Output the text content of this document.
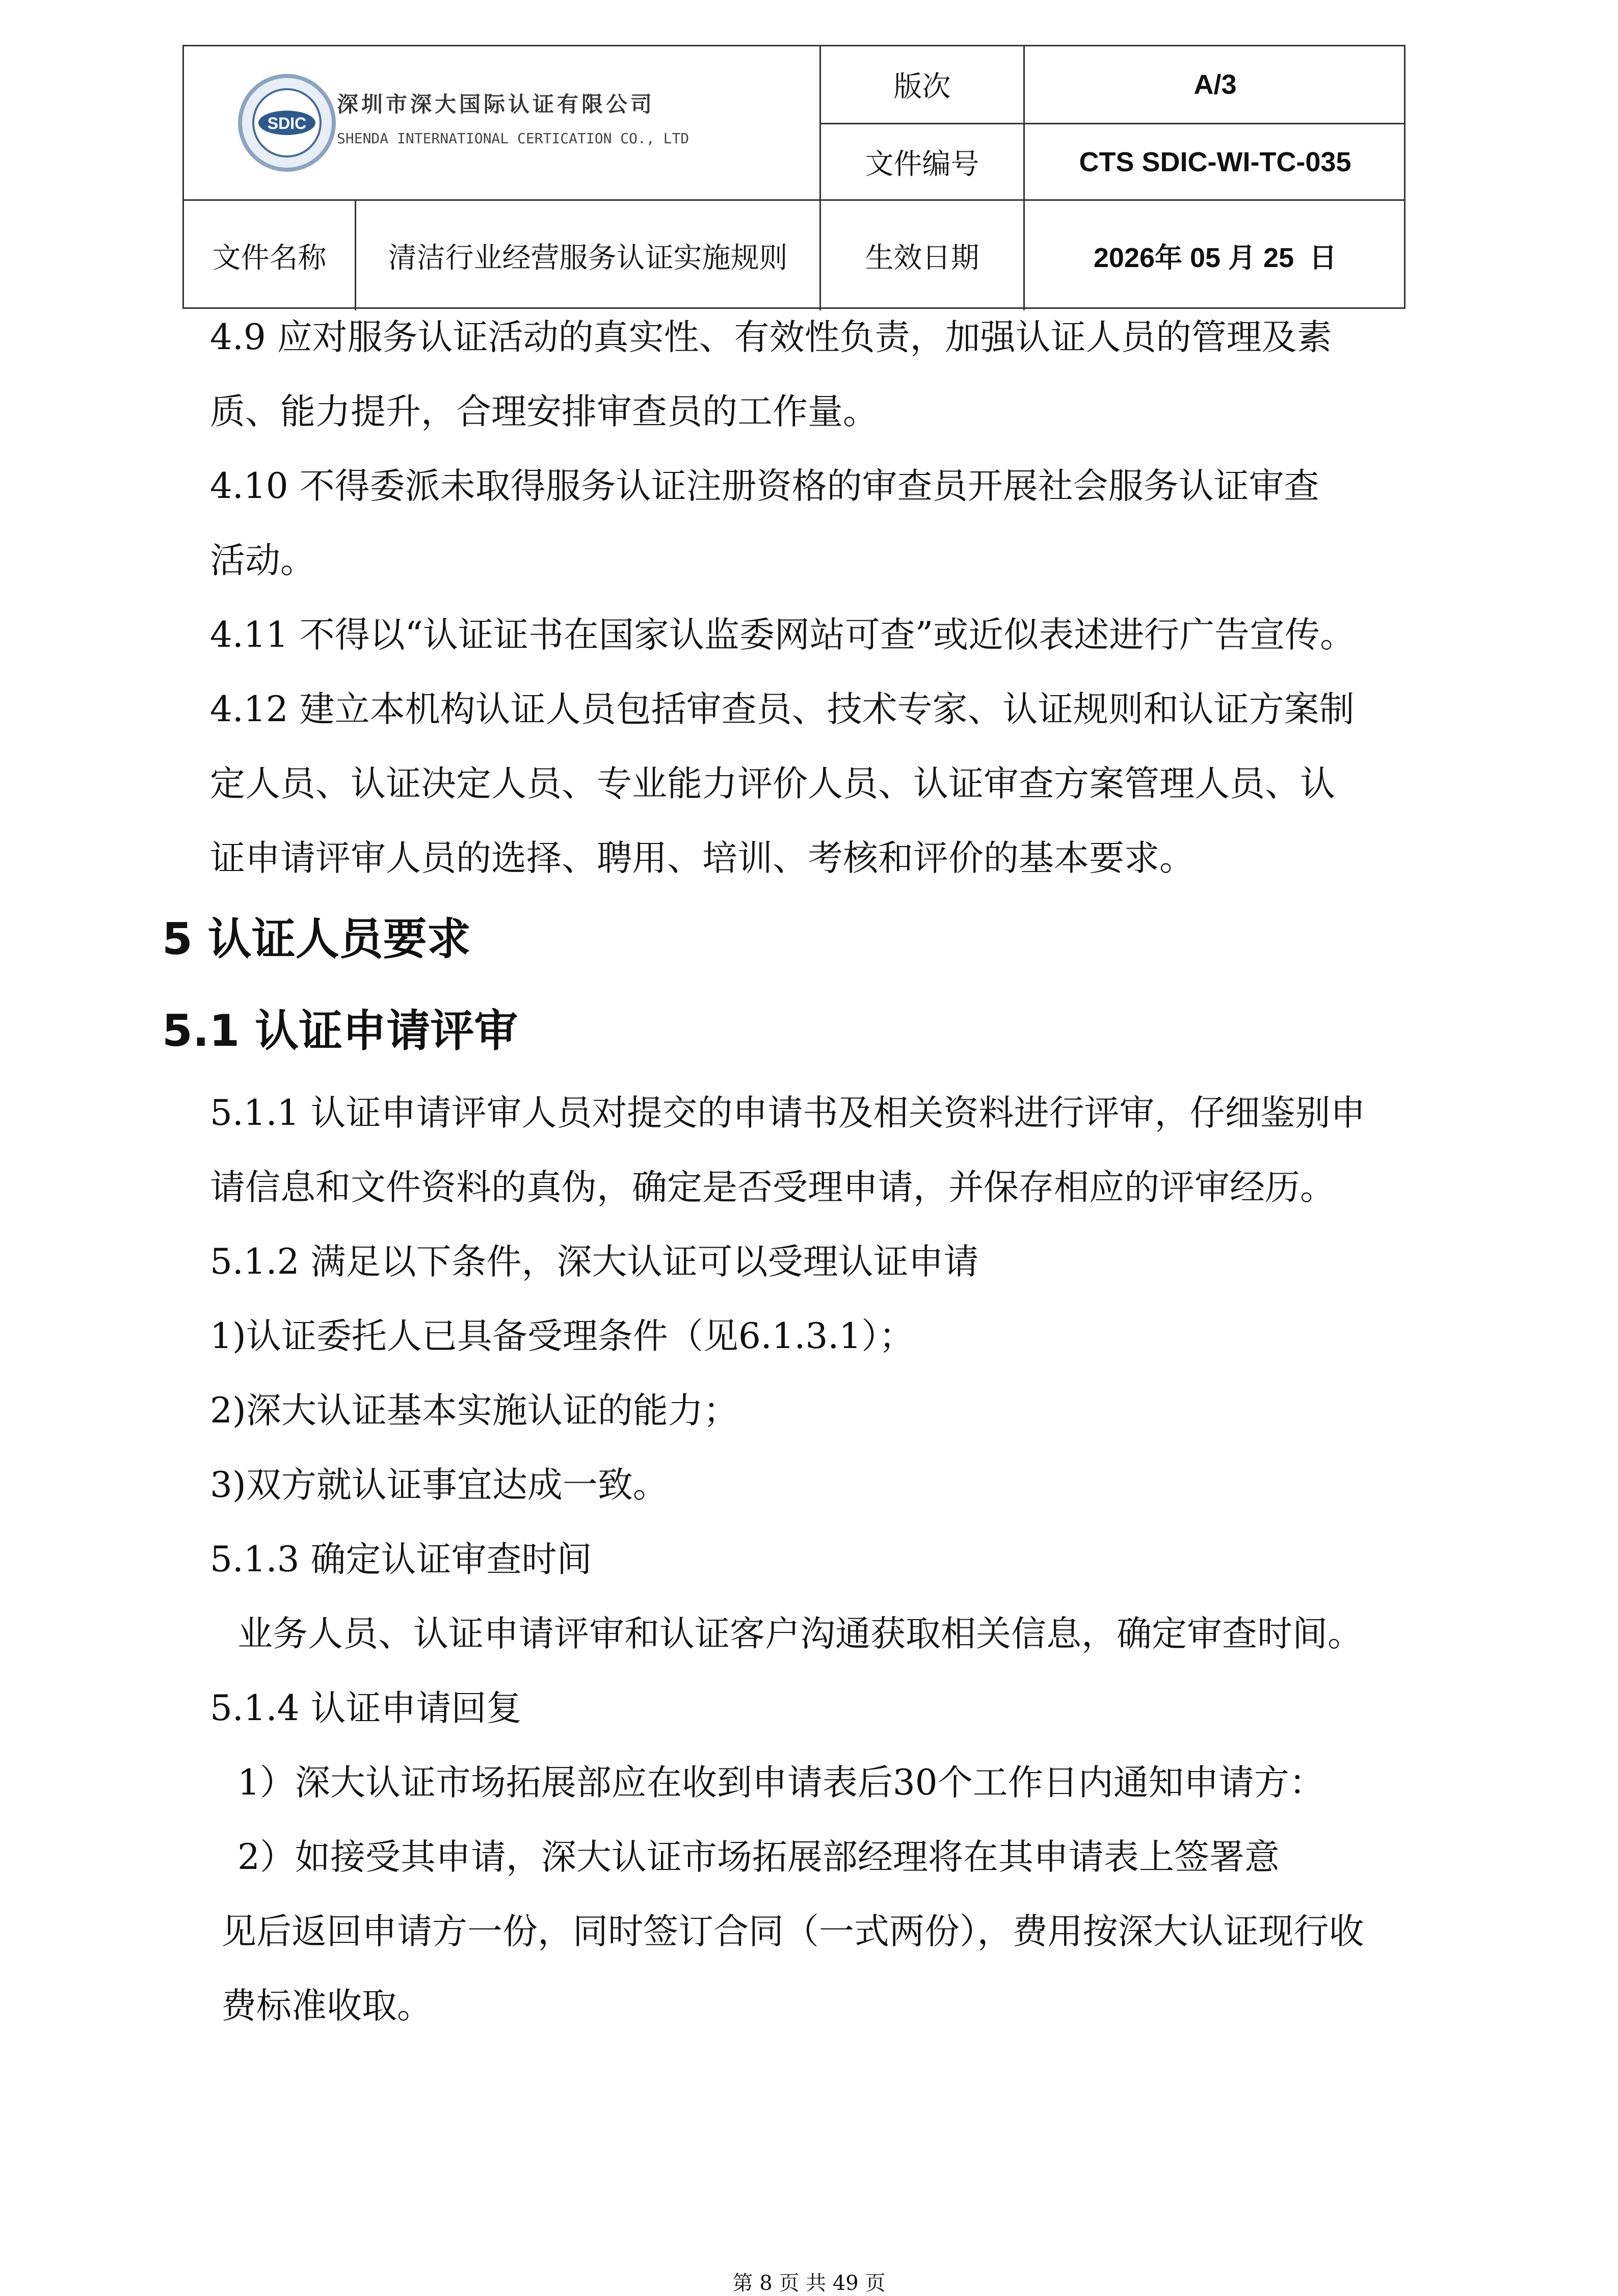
SDIC
深圳市深大国际认证有限公司
SHENDA INTERNATIONAL CERTICATION CO., LTD
版次	A/3
文件编号	CTS SDIC-WI-TC-035
文件名称	清洁行业经营服务认证实施规则	生效日期	2026年 05 月 25  日
4.9 应对服务认证活动的真实性、有效性负责，加强认证人员的管理及素
质、能力提升，合理安排审查员的工作量。
4.10 不得委派未取得服务认证注册资格的审查员开展社会服务认证审查
活动。
4.11 不得以“认证证书在国家认监委网站可查”或近似表述进行广告宣传。
4.12 建立本机构认证人员包括审查员、技术专家、认证规则和认证方案制
定人员、认证决定人员、专业能力评价人员、认证审查方案管理人员、认
证申请评审人员的选择、聘用、培训、考核和评价的基本要求。
5 认证人员要求
5.1 认证申请评审
5.1.1 认证申请评审人员对提交的申请书及相关资料进行评审，仔细鉴别申
请信息和文件资料的真伪，确定是否受理申请，并保存相应的评审经历。
5.1.2 满足以下条件，深大认证可以受理认证申请
1)认证委托人已具备受理条件（见6.1.3.1）；
2)深大认证基本实施认证的能力；
3)双方就认证事宜达成一致。
5.1.3 确定认证审查时间
业务人员、认证申请评审和认证客户沟通获取相关信息，确定审查时间。
5.1.4 认证申请回复
1）深大认证市场拓展部应在收到申请表后30个工作日内通知申请方：
2）如接受其申请，深大认证市场拓展部经理将在其申请表上签署意
见后返回申请方一份，同时签订合同（一式两份），费用按深大认证现行收
费标准收取。
第 8 页 共 49 页
